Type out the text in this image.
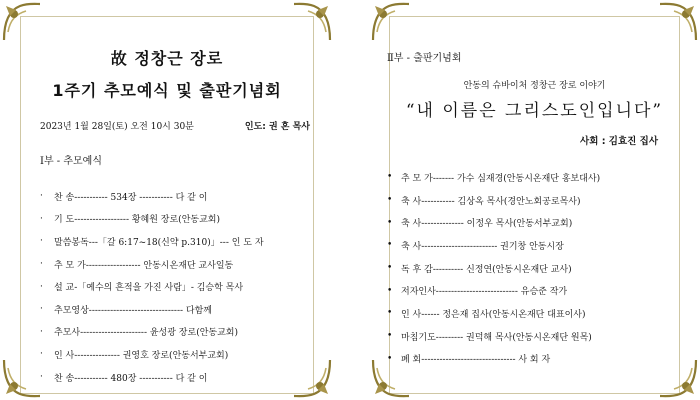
故 정창근 장로
1주기 추모예식 및 출판기념회
2023년 1월 28일(토) 오전 10시 30분	인도: 권 혼 목사
Ⅰ부 - 추모예식
·	찬 송 ----------- 534장 ----------- 다 같 이
·	기 도 ------------------ 황혜원 장로(안동교회)
·	말씀봉독 ---「갈 6:17~18(신약 p.310)」--- 인 도 자
·	추 모 가 ------------------ 안동시온재단 교사일동
·	설 교 -「예수의 흔적을 가진 사람」- 김승학 목사
·	추모영상 ------------------------------- 다함께
·	추모사 ---------------------- 윤성광 장로(안동교회)
·	인 사 --------------- 권영호 장로(안동서부교회)
·	찬 송 ----------- 480장 ----------- 다 같 이
Ⅱ부 - 출판기념회
안동의 슈바이처 정창근 장로 이야기
“내 이름은 그리스도인입니다”
사회 : 김효진 집사
• 추 모 가 ------- 가수 심재경(안동시온재단 홍보대사)
• 축 사 ----------- 김상옥 목사(경안노회공로목사)
• 축 사 -------------- 이정우 목사(안동서부교회)
• 축 사 ------------------------- 권기창 안동시장
• 독 후 감 ---------- 신정연(안동시온재단 교사)
• 저자인사 --------------------------- 유승준 작가
• 인 사 ------ 정은재 집사(안동시온재단 대표이사)
• 마침기도 --------- 권덕해 목사(안동시온재단 원목)
• 폐 회 ------------------------------- 사 회 자
